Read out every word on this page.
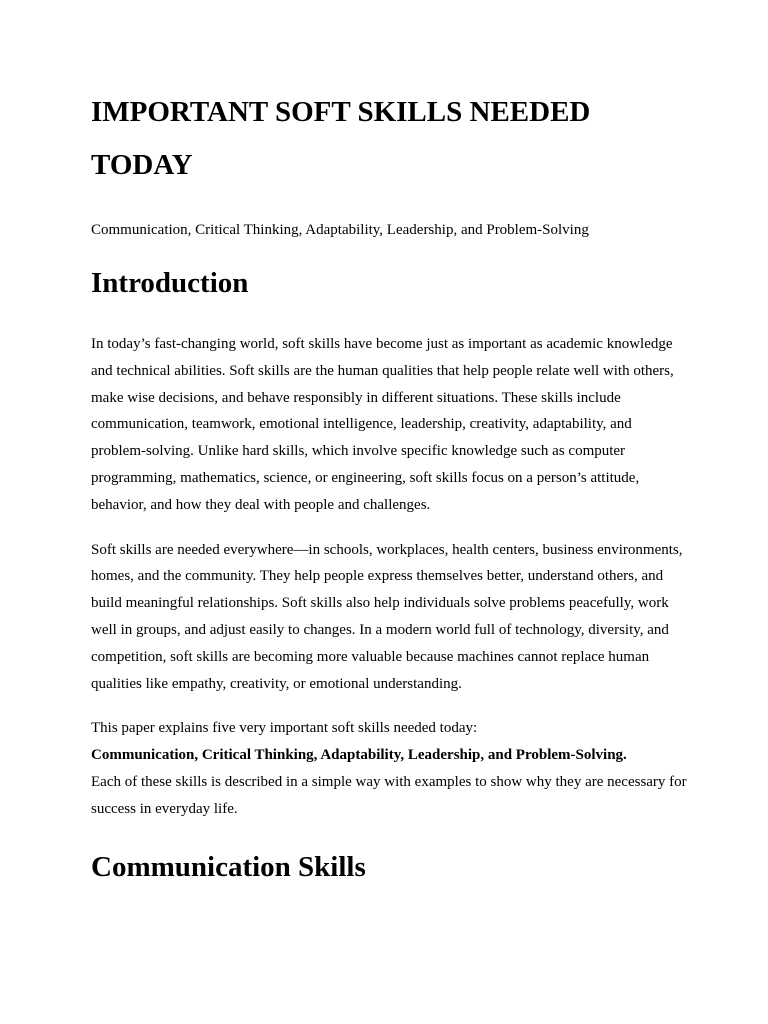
IMPORTANT SOFT SKILLS NEEDED TODAY

Communication, Critical Thinking, Adaptability, Leadership, and Problem-Solving

Introduction

In today’s fast-changing world, soft skills have become just as important as academic knowledge and technical abilities. Soft skills are the human qualities that help people relate well with others, make wise decisions, and behave responsibly in different situations. These skills include communication, teamwork, emotional intelligence, leadership, creativity, adaptability, and problem-solving. Unlike hard skills, which involve specific knowledge such as computer programming, mathematics, science, or engineering, soft skills focus on a person’s attitude, behavior, and how they deal with people and challenges.

Soft skills are needed everywhere—in schools, workplaces, health centers, business environments, homes, and the community. They help people express themselves better, understand others, and build meaningful relationships. Soft skills also help individuals solve problems peacefully, work well in groups, and adjust easily to changes. In a modern world full of technology, diversity, and competition, soft skills are becoming more valuable because machines cannot replace human qualities like empathy, creativity, or emotional understanding.

This paper explains five very important soft skills needed today:

Communication, Critical Thinking, Adaptability, Leadership, and Problem-Solving.

Each of these skills is described in a simple way with examples to show why they are necessary for success in everyday life.

Communication Skills
